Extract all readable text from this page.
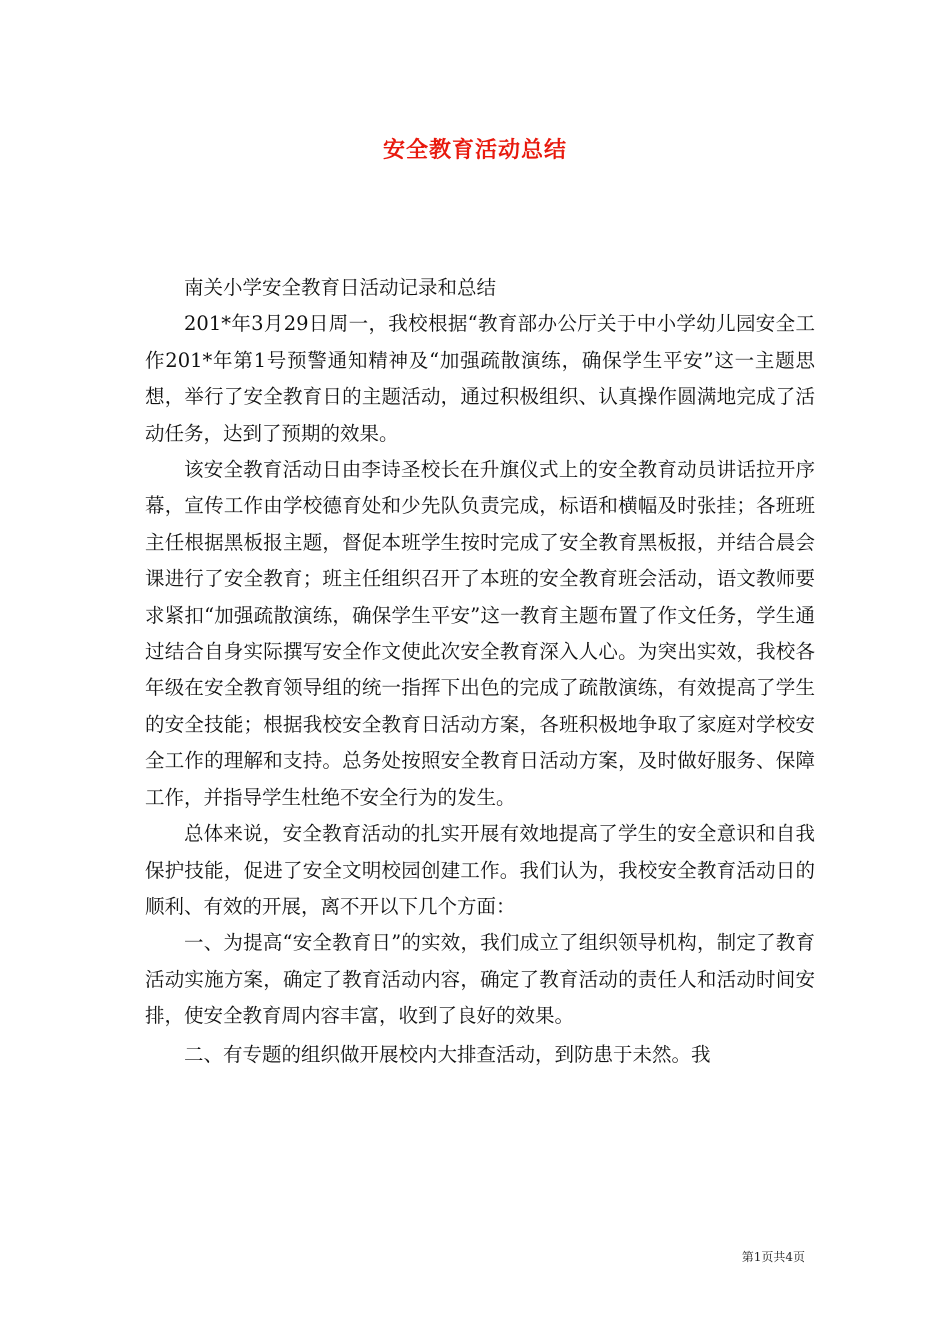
安全教育活动总结

南关小学安全教育日活动记录和总结

201*年3月29日周一，我校根据“教育部办公厅关于中小学幼儿园安全工作201*年第1号预警通知精神及“加强疏散演练，确保学生平安”这一主题思想，举行了安全教育日的主题活动，通过积极组织、认真操作圆满地完成了活动任务，达到了预期的效果。

该安全教育活动日由李诗圣校长在升旗仪式上的安全教育动员讲话拉开序幕，宣传工作由学校德育处和少先队负责完成，标语和横幅及时张挂；各班班主任根据黑板报主题，督促本班学生按时完成了安全教育黑板报，并结合晨会课进行了安全教育；班主任组织召开了本班的安全教育班会活动，语文教师要求紧扣“加强疏散演练，确保学生平安”这一教育主题布置了作文任务，学生通过结合自身实际撰写安全作文使此次安全教育深入人心。为突出实效，我校各年级在安全教育领导组的统一指挥下出色的完成了疏散演练，有效提高了学生的安全技能；根据我校安全教育日活动方案，各班积极地争取了家庭对学校安全工作的理解和支持。总务处按照安全教育日活动方案，及时做好服务、保障工作，并指导学生杜绝不安全行为的发生。

总体来说，安全教育活动的扎实开展有效地提高了学生的安全意识和自我保护技能，促进了安全文明校园创建工作。我们认为，我校安全教育活动日的顺利、有效的开展，离不开以下几个方面：

一、为提高“安全教育日”的实效，我们成立了组织领导机构，制定了教育活动实施方案，确定了教育活动内容，确定了教育活动的责任人和活动时间安排，使安全教育周内容丰富，收到了良好的效果。

二、有专题的组织做开展校内大排查活动，到防患于未然。我

第1页共4页
